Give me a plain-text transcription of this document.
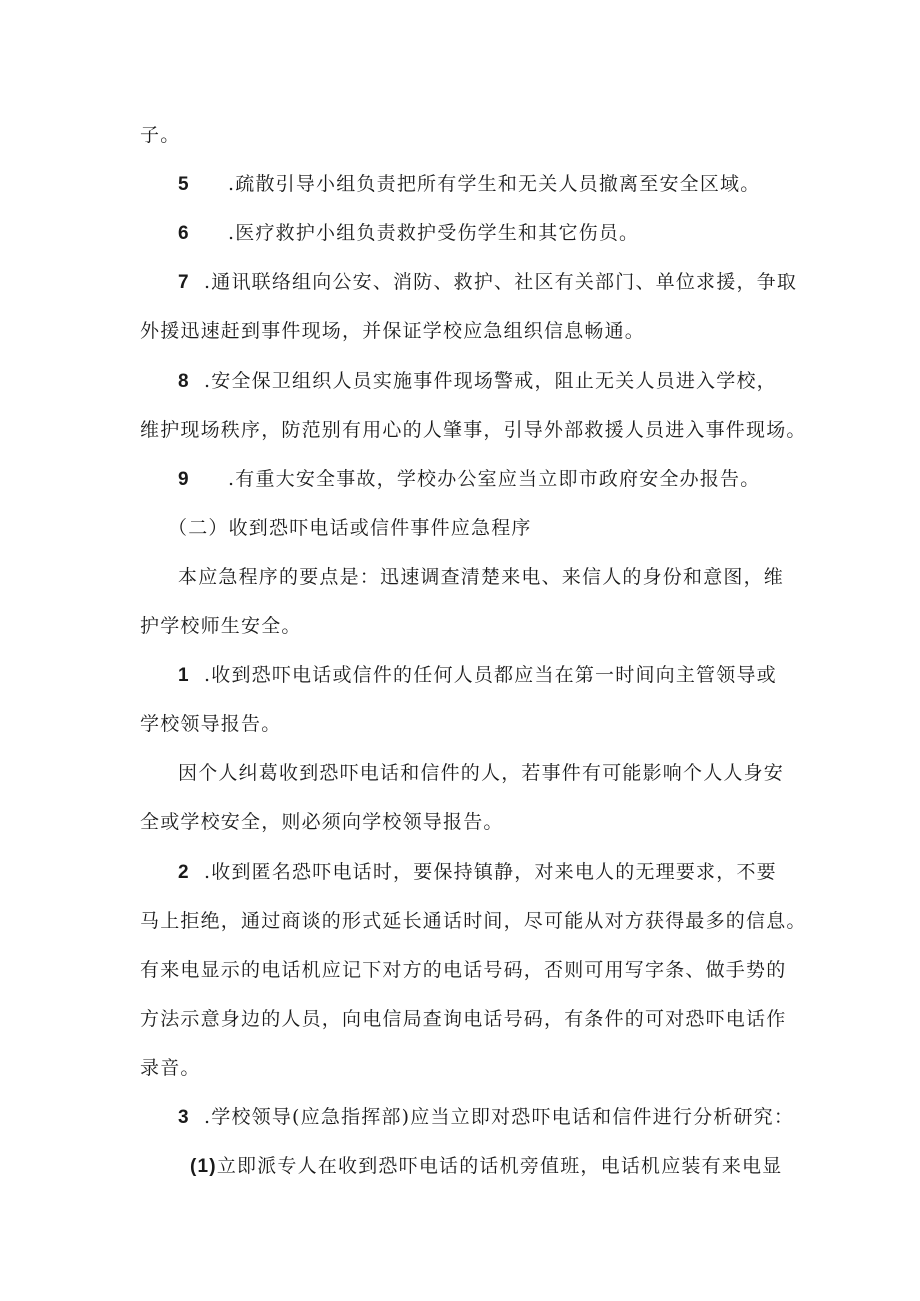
子。
5 .疏散引导小组负责把所有学生和无关人员撤离至安全区域。
6 .医疗救护小组负责救护受伤学生和其它伤员。
7 .通讯联络组向公安、消防、救护、社区有关部门、单位求援，争取
外援迅速赶到事件现场，并保证学校应急组织信息畅通。
8 .安全保卫组织人员实施事件现场警戒，阻止无关人员进入学校，
维护现场秩序，防范别有用心的人肇事，引导外部救援人员进入事件现场。
9 .有重大安全事故，学校办公室应当立即市政府安全办报告。
（二）收到恐吓电话或信件事件应急程序
本应急程序的要点是：迅速调查清楚来电、来信人的身份和意图，维
护学校师生安全。
1 .收到恐吓电话或信件的任何人员都应当在第一时间向主管领导或
学校领导报告。
因个人纠葛收到恐吓电话和信件的人，若事件有可能影响个人人身安
全或学校安全，则必须向学校领导报告。
2 .收到匿名恐吓电话时，要保持镇静，对来电人的无理要求，不要
马上拒绝，通过商谈的形式延长通话时间，尽可能从对方获得最多的信息。
有来电显示的电话机应记下对方的电话号码，否则可用写字条、做手势的
方法示意身边的人员，向电信局查询电话号码，有条件的可对恐吓电话作
录音。
3 .学校领导(应急指挥部)应当立即对恐吓电话和信件进行分析研究：
(1)立即派专人在收到恐吓电话的话机旁值班，电话机应装有来电显
